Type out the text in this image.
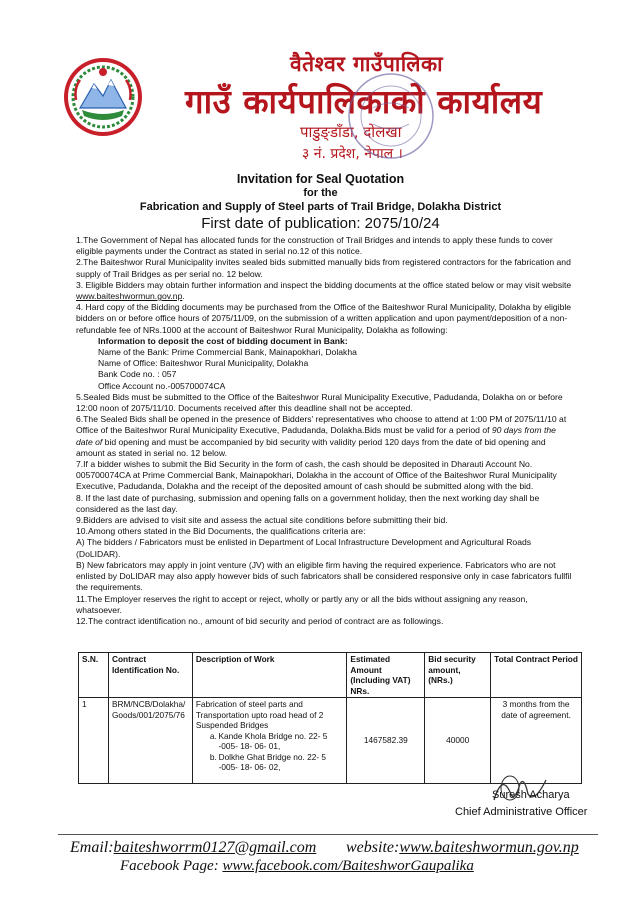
वैतेश्वर गाउँपालिका
गाउँ कार्यपालिकाको कार्यालय
पाडुङ्डाँडा, दोलखा
३ नं. प्रदेश, नेपाल ।
Invitation for Seal Quotation
for the
Fabrication and Supply of Steel parts of Trail Bridge, Dolakha District
First date of publication: 2075/10/24

1.The Government of Nepal has allocated funds for the construction of Trail Bridges and intends to apply these funds to cover eligible payments under the Contract as stated in serial no.12 of this notice.

2.The Baiteshwor Rural Municipality invites sealed bids submitted manually bids from registered contractors for the fabrication and supply of Trail Bridges as per serial no. 12 below.

3. Eligible Bidders may obtain further information and inspect the bidding documents at the office stated below or may visit website www.baiteshwormun.gov.np.

4. Hard copy of the Bidding documents may be purchased from the Office of the Baiteshwor Rural Municipality, Dolakha by eligible bidders on or before office hours of 2075/11/09, on the submission of a written application and upon payment/deposition of a non-refundable fee of NRs.1000 at the account of Baiteshwor Rural Municipality, Dolakha as following:

Information to deposit the cost of bidding document in Bank:

Name of the Bank: Prime Commercial Bank, Mainapokhari, Dolakha

Name of Office: Baiteshwor Rural Municipality, Dolakha

Bank Code no. : 057

Office Account no.-005700074CA

5.Sealed Bids must be submitted to the Office of the Baiteshwor Rural Municipality Executive, Padudanda, Dolakha on or before 12:00 noon of 2075/11/10. Documents received after this deadline shall not be accepted.

6.The Sealed Bids shall be opened in the presence of Bidders' representatives who choose to attend at 1:00 PM of 2075/11/10 at Office of the Baiteshwor Rural Municipality Executive, Padudanda, Dolakha.Bids must be valid for a period of 90 days from the date of bid opening and must be accompanied by bid security with validity period 120 days from the date of bid opening and amount as stated in serial no. 12 below.

7.If a bidder wishes to submit the Bid Security in the form of cash, the cash should be deposited in Dharauti Account No. 005700074CA at Prime Commercial Bank, Mainapokhari, Dolakha in the account of Office of the Baiteshwor Rural Municipality Executive, Padudanda, Dolakha and the receipt of the deposited amount of cash should be submitted along with the bid.

8. If the last date of purchasing, submission and opening falls on a government holiday, then the next working day shall be considered as the last day.

9.Bidders are advised to visit site and assess the actual site conditions before submitting their bid.

10.Among others stated in the Bid Documents, the qualifications criteria are:

A) The bidders / Fabricators must be enlisted in Department of Local Infrastructure Development and Agricultural Roads (DoLIDAR).

B) New fabricators may apply in joint venture (JV) with an eligible firm having the required experience. Fabricators who are not enlisted by DoLIDAR may also apply however bids of such fabricators shall be considered responsive only in case fabricators fullfil the requirements.

11.The Employer reserves the right to accept or reject, wholly or partly any or all the bids without assigning any reason, whatsoever.

12.The contract identification no., amount of bid security and period of contract are as followings.

S.N.	Contract Identification No.	Description of Work	Estimated Amount (Including VAT) NRs.	Bid security amount, (NRs.)	Total Contract Period
1	BRM/NCB/Dolakha/Goods/001/2075/76	Fabrication of steel parts and Transportation upto road head of 2 Suspended Bridges
a. Kande Khola Bridge no. 22- 5 -005- 18- 06- 01,
b. Dolkhe Ghat Bridge no. 22- 5 -005- 18- 06- 02,	1467582.39	40000	3 months from the date of agreement.
Suresh Acharya
Chief Administrative Officer
Email:baiteshworrm0127@gmail.com website:www.baiteshwormun.gov.np
Facebook Page: www.facebook.com/BaiteshworGaupalika
